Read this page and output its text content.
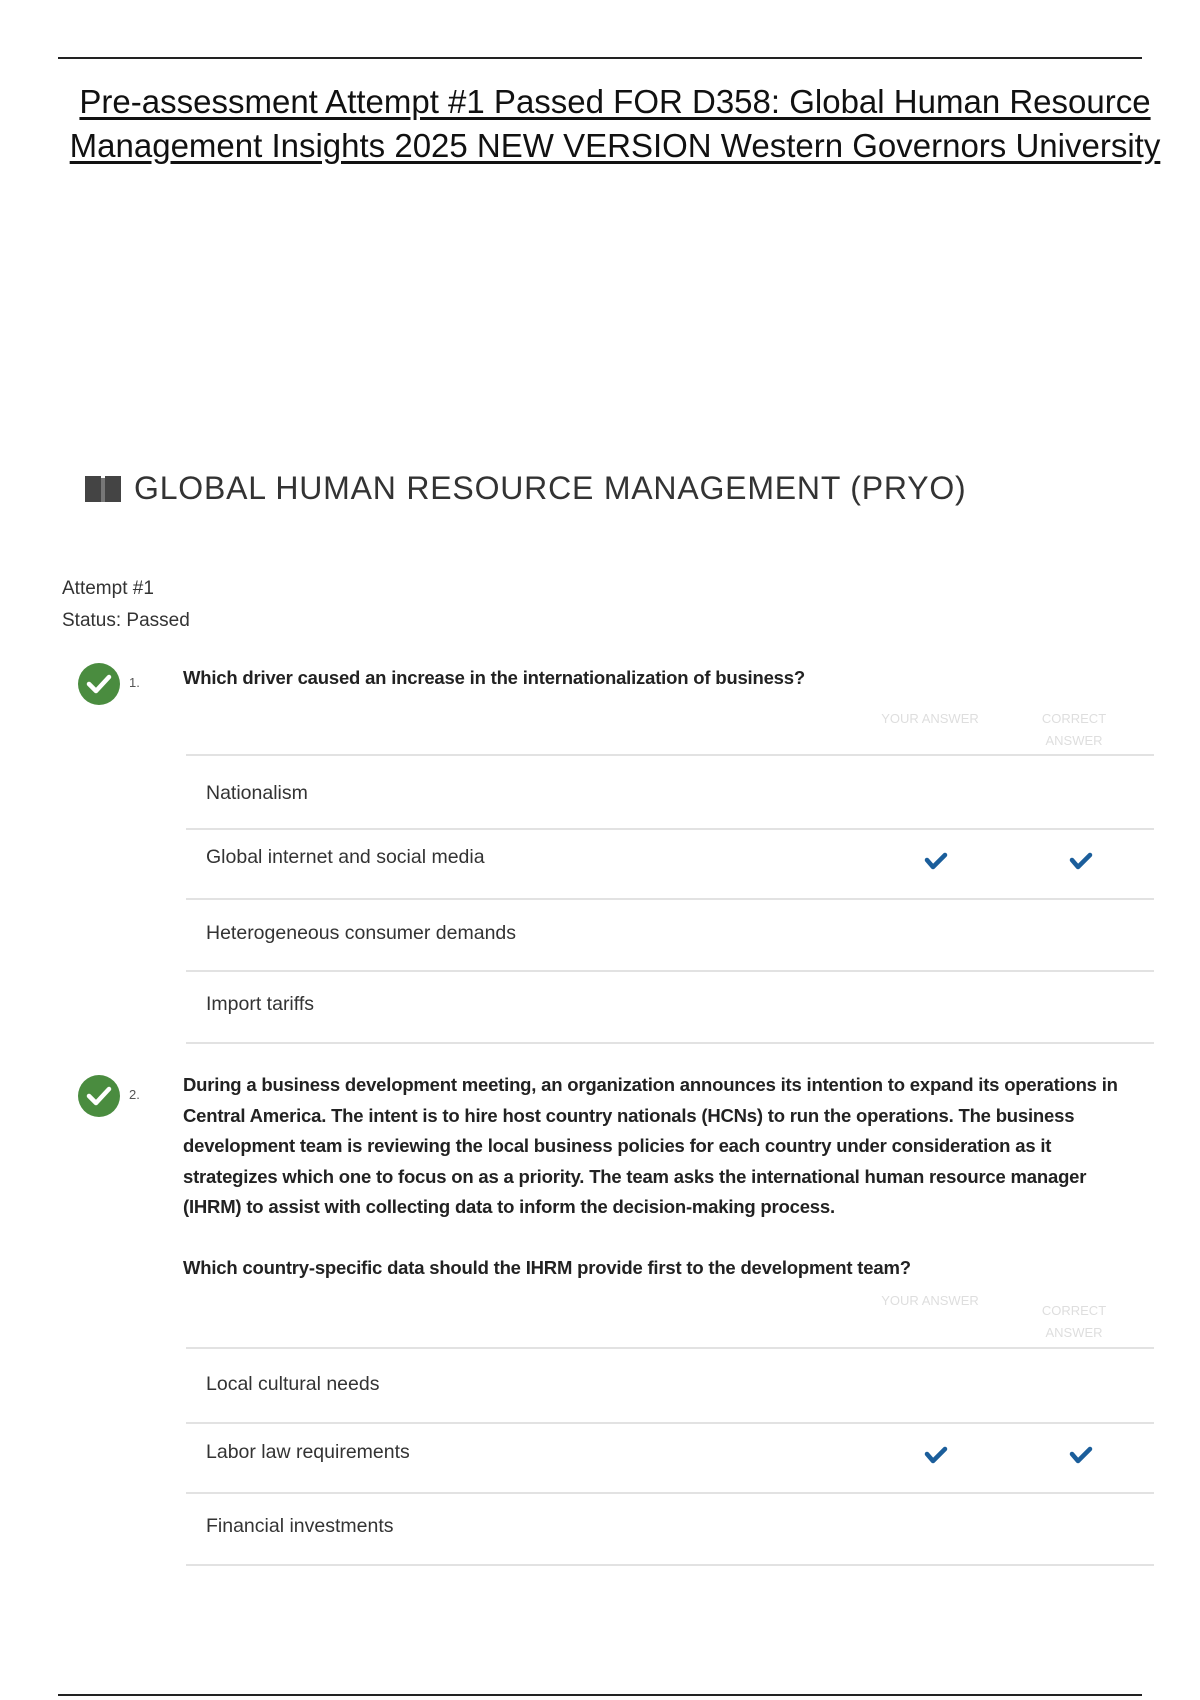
Pre-assessment Attempt #1 Passed FOR D358: Global Human Resource Management Insights 2025 NEW VERSION Western Governors University
GLOBAL HUMAN RESOURCE MANAGEMENT (PRYO)
Attempt #1
Status: Passed
1. Which driver caused an increase in the internationalization of business?
YOUR ANSWER	CORRECT ANSWER
Nationalism
Global internet and social media
Heterogeneous consumer demands
Import tariffs
2. During a business development meeting, an organization announces its intention to expand its operations in Central America. The intent is to hire host country nationals (HCNs) to run the operations. The business development team is reviewing the local business policies for each country under consideration as it strategizes which one to focus on as a priority. The team asks the international human resource manager (IHRM) to assist with collecting data to inform the decision-making process.
Which country-specific data should the IHRM provide first to the development team?
YOUR ANSWER
CORRECT ANSWER
Local cultural needs
Labor law requirements
Financial investments
